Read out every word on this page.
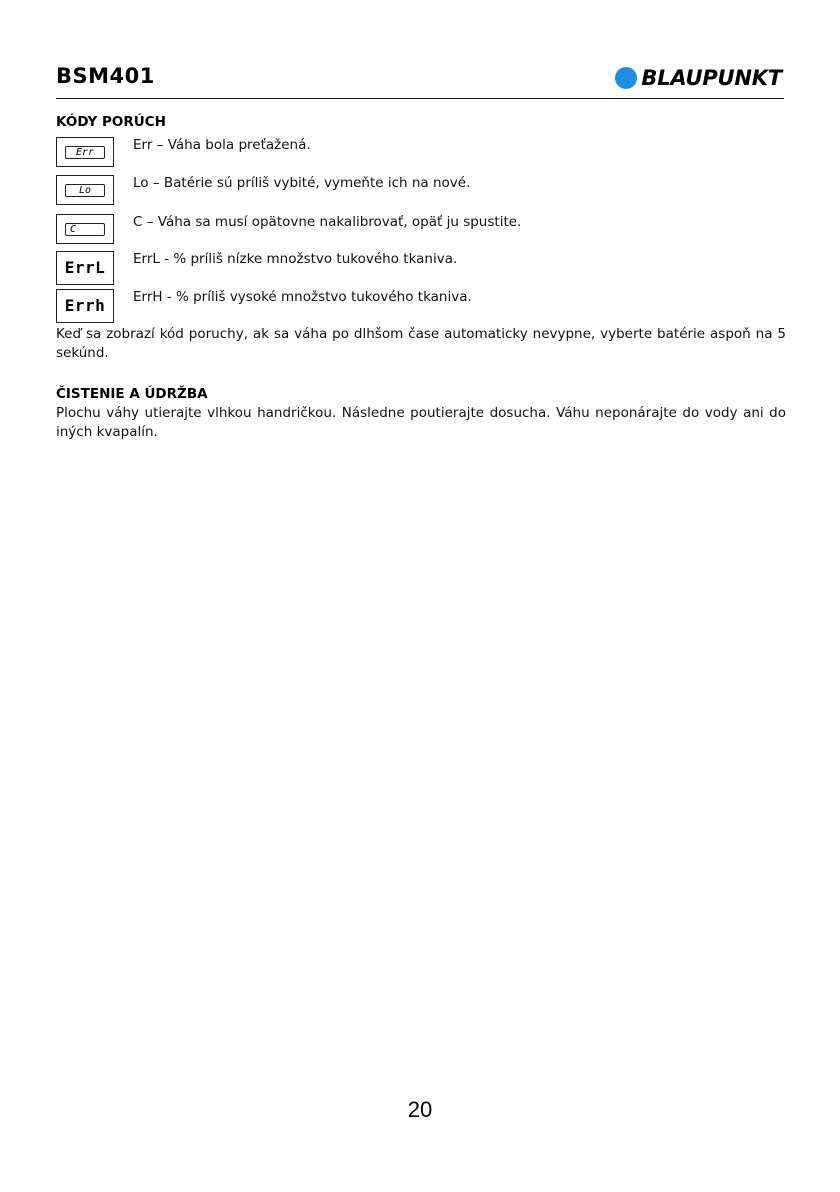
BSM401	BLAUPUNKT
KÓDY PORÚCH
Err	Err – Váha bola preťažená.
Lo	Lo – Batérie sú príliš vybité, vymeňte ich na nové.
C	C – Váha sa musí opätovne nakalibrovať, opäť ju spustite.
ErrL	ErrL - % príliš nízke množstvo tukového tkaniva.
Errh	ErrH - % príliš vysoké množstvo tukového tkaniva.
Keď sa zobrazí kód poruchy, ak sa váha po dlhšom čase automaticky nevypne, vyberte batérie aspoň na 5 sekúnd.
ČISTENIE A ÚDRŽBA
Plochu váhy utierajte vlhkou handričkou. Následne poutierajte dosucha. Váhu neponárajte do vody ani do iných kvapalín.
20
